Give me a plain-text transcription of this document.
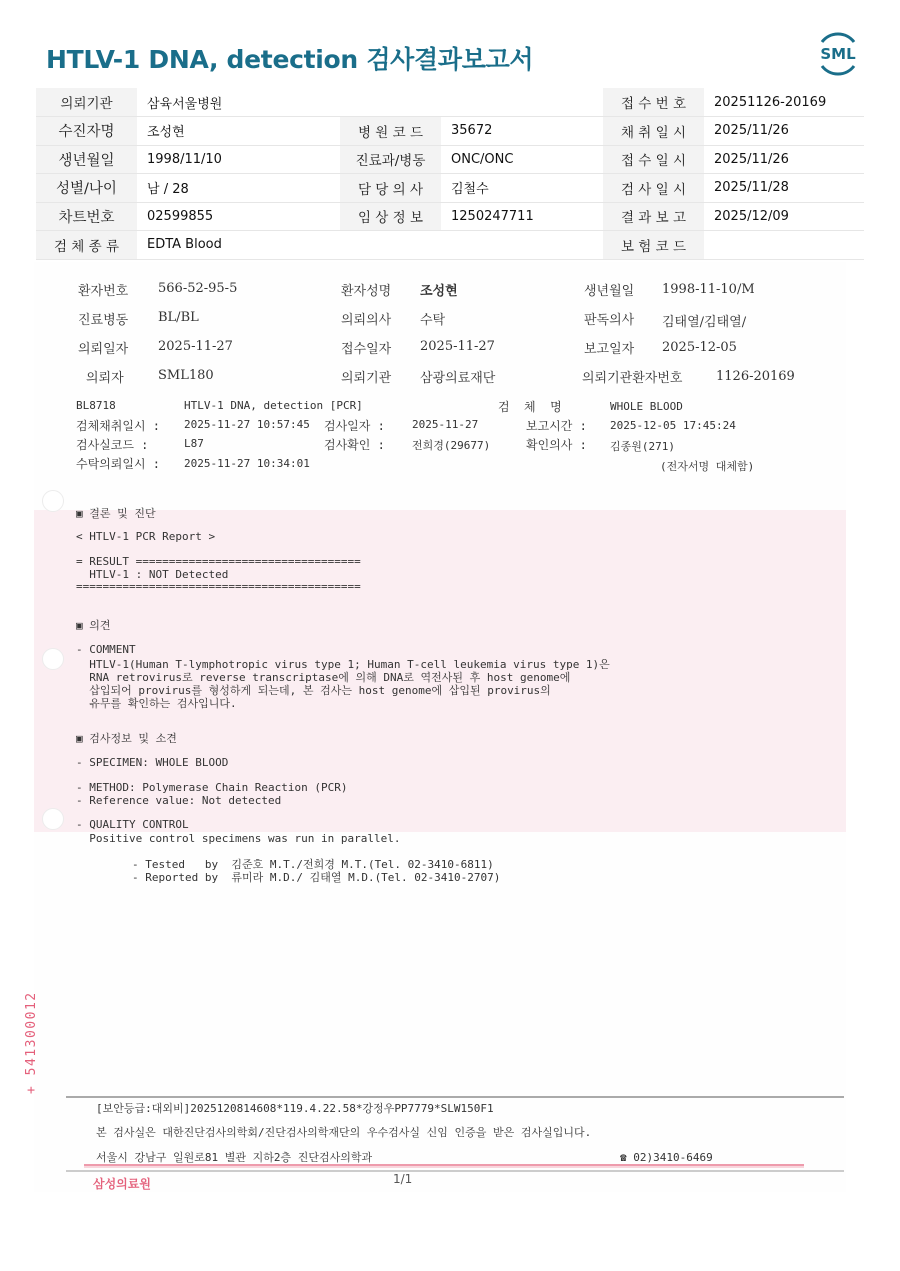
HTLV-1 DNA, detection 검사결과보고서	SML
의뢰기관	삼육서울병원			접 수 번 호	20251126-20169
수진자명	조성현	병 원 코 드	35672	채 취 일 시	2025/11/26
생년월일	1998/11/10	진료과/병동	ONC/ONC	접 수 일 시	2025/11/26
성별/나이	남 / 28	담 당 의 사	김철수	검 사 일 시	2025/11/28
차트번호	02599855	임 상 정 보	1250247711	결 과 보 고	2025/12/09
검 체 종 류	EDTA Blood			보 험 코 드	
환자번호 566-52-95-5	환자성명 조성현	생년월일 1998-11-10/M
진료병동 BL/BL	의뢰의사 수탁	판독의사 김태열/김태열/
의뢰일자 2025-11-27	접수일자 2025-11-27	보고일자 2025-12-05
의뢰자	SML180	의뢰기관 삼광의료재단	의뢰기관환자번호	1126-20169
BL8718	HTLV-1 DNA, detection [PCR]	검  체  명	WHOLE BLOOD
검체채취일시 : 2025-11-27 10:57:45 검사일자 : 2025-11-27	보고시간 : 2025-12-05 17:45:24
검사실코드 :	L87	검사확인 : 전희경(29677)	확인의사 : 김종원(271)
수탁의뢰일시 : 2025-11-27 10:34:01	(전자서명 대체함)
▣ 결론 및 진단
< HTLV-1 PCR Report >
= RESULT ==================================
HTLV-1 : NOT Detected
===========================================
▣ 의견
- COMMENT
HTLV-1(Human T-lymphotropic virus type 1; Human T-cell leukemia virus type 1)은
RNA retrovirus로 reverse transcriptase에 의해 DNA로 역전사된 후 host genome에
삽입되어 provirus를 형성하게 되는데, 본 검사는 host genome에 삽입된 provirus의
유무를 확인하는 검사입니다.
▣ 검사정보 및 소견
- SPECIMEN: WHOLE BLOOD
- METHOD: Polymerase Chain Reaction (PCR)
- Reference value: Not detected
- QUALITY CONTROL
Positive control specimens was run in parallel.
- Tested   by  김준호 M.T./전희경 M.T.(Tel. 02-3410-6811)
- Reported by  류미라 M.D./ 김태열 M.D.(Tel. 02-3410-2707)
[보안등급:대외비]2025120814608*119.4.22.58*강정우PP7779*SLW150F1
본 검사실은 대한진단검사의학회/진단검사의학재단의 우수검사실 신임 인증을 받은 검사실입니다.
서울시 강남구 일원로81 별관 지하2층 진단검사의학과	☎ 02)3410-6469
+ 541300012
삼성의료원	1/1
